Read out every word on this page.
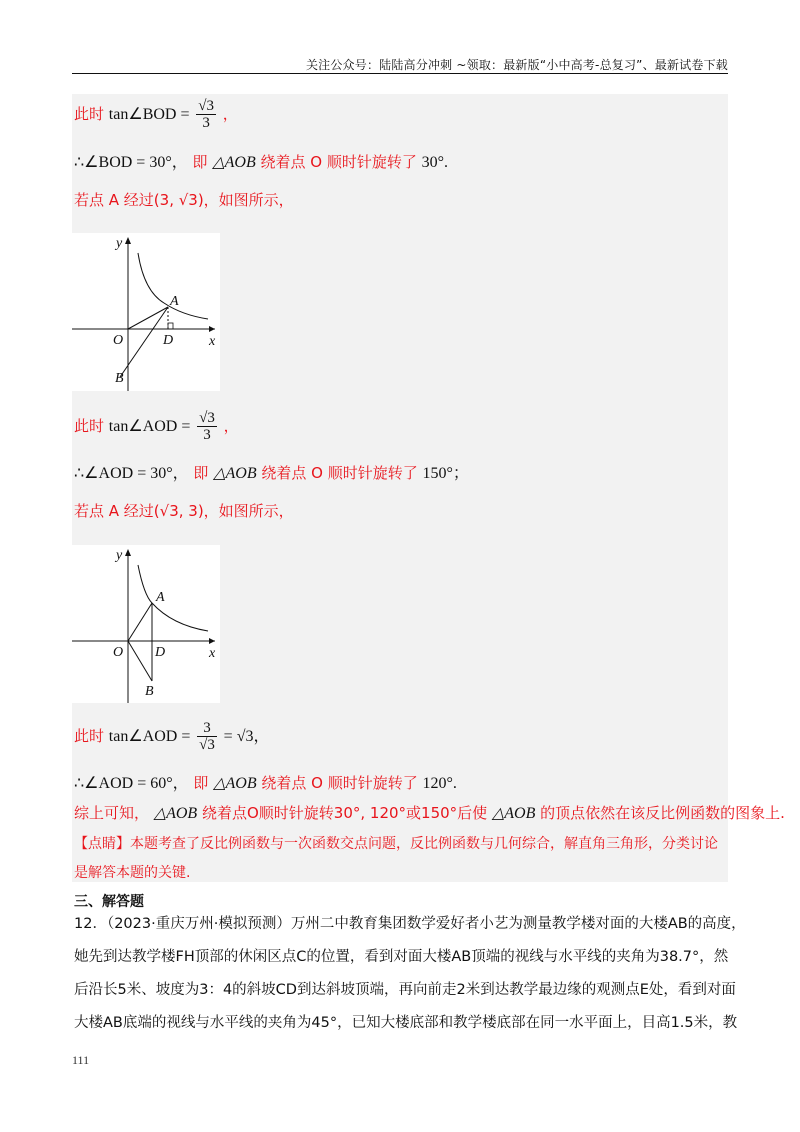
关注公众号：陆陆高分冲刺 ~领取：最新版“小中高考-总复习”、最新试卷下载
此时 tan∠BOD = $\frac{√3}{3}$ ，
∴∠BOD = 30°， 即 △AOB 绕着点 O 顺时针旋转了 30°.
若点 A 经过(3, √3)，如图所示，
y
x
O
A
D
B
此时 tan∠AOD = $\frac{√3}{3}$ ，
∴∠AOD = 30°， 即 △AOB 绕着点 O 顺时针旋转了 150°；
若点 A 经过(√3, 3)，如图所示，
y
x
O
A
D
B
此时 tan∠AOD = $\frac{3}{√3} = √3$，
∴∠AOD = 60°， 即 △AOB 绕着点 O 顺时针旋转了 120°.
综上可知， △AOB 绕着点O顺时针旋转30°, 120°或150°后使 △AOB 的顶点依然在该反比例函数的图象上.
【点睛】本题考查了反比例函数与一次函数交点问题，反比例函数与几何综合，解直角三角形，分类讨论
是解答本题的关键.
三、解答题
12．（2023·重庆万州·模拟预测）万州二中教育集团数学爱好者小艺为测量教学楼对面的大楼AB的高度，
她先到达教学楼FH顶部的休闲区点C的位置，看到对面大楼AB顶端的视线与水平线的夹角为38.7°，然
后沿长5米、坡度为3：4的斜坡CD到达斜坡顶端，再向前走2米到达教学最边缘的观测点E处，看到对面
大楼AB底端的视线与水平线的夹角为45°，已知大楼底部和教学楼底部在同一水平面上，目高1.5米，教
111
